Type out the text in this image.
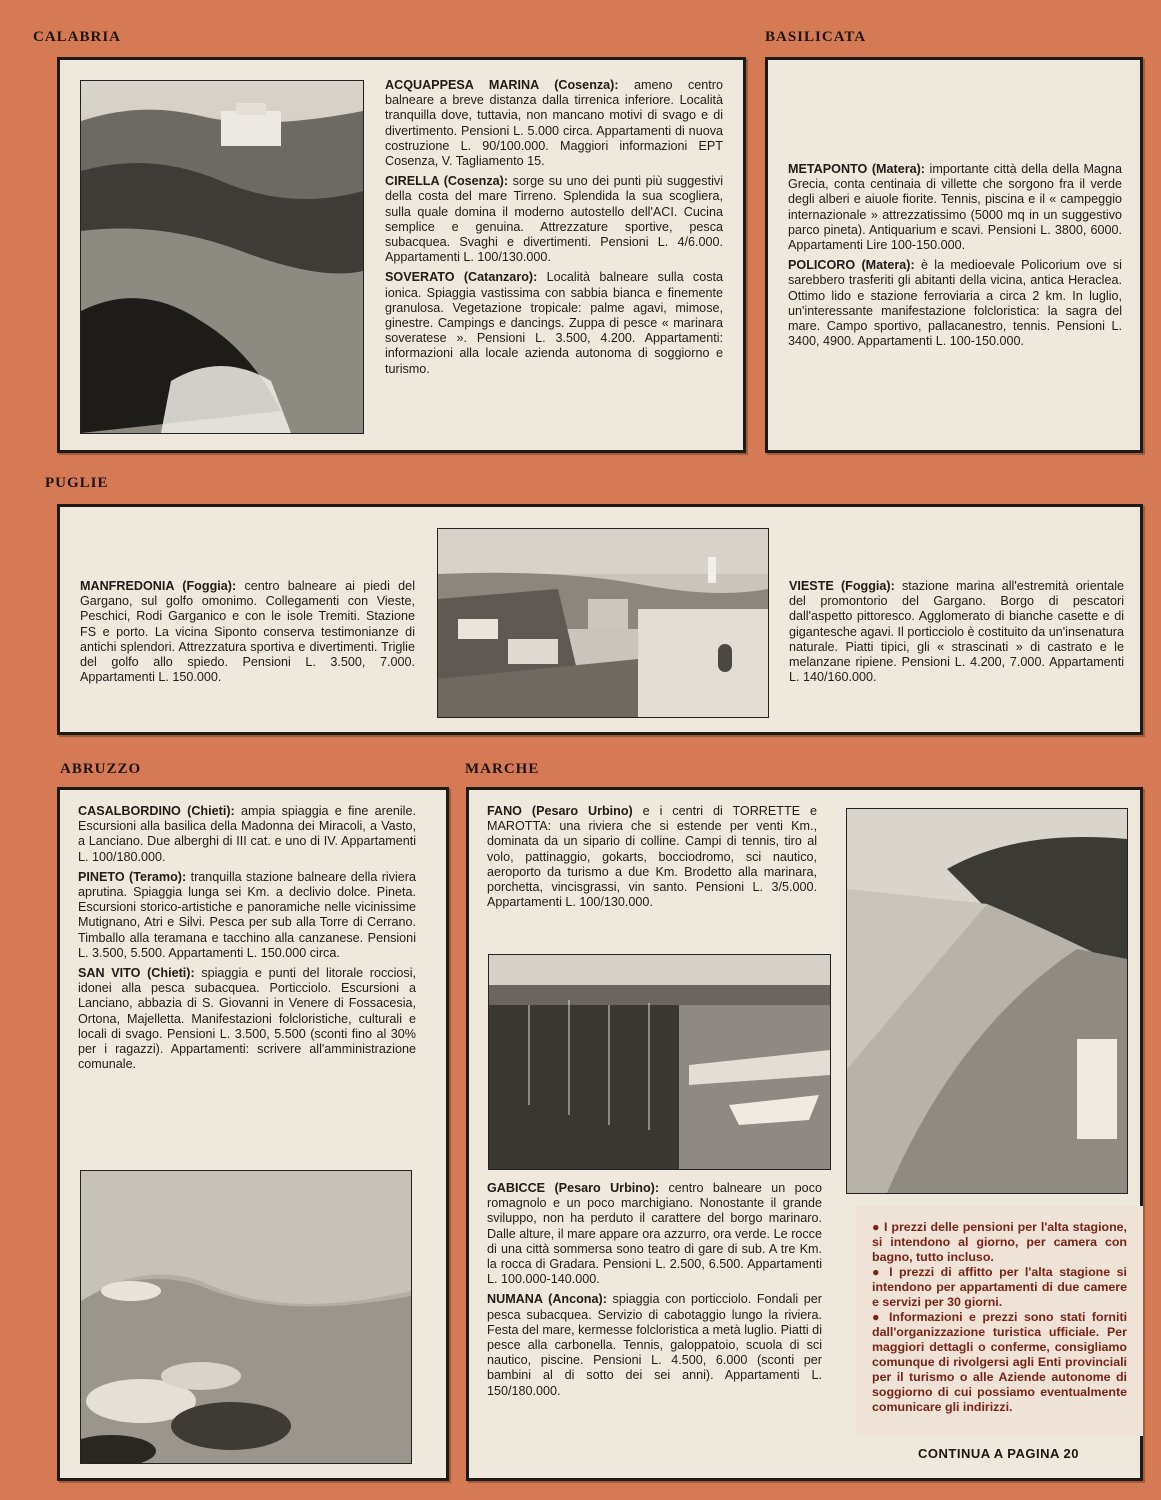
CALABRIA	BASILICATA
PUGLIE
ABRUZZO	MARCHE

ACQUAPPESA MARINA (Cosenza): ameno centro balneare a breve distanza dalla tirrenica inferiore. Località tranquilla dove, tuttavia, non mancano motivi di svago e di divertimento. Pensioni L. 5.000 circa. Appartamenti di nuova costruzione L. 90/100.000. Maggiori informazioni EPT Cosenza, V. Tagliamento 15.

CIRELLA (Cosenza): sorge su uno dei punti più suggestivi della costa del mare Tirreno. Splendida la sua scogliera, sulla quale domina il moderno autostello dell'ACI. Cucina semplice e genuina. Attrezzature sportive, pesca subacquea. Svaghi e divertimenti. Pensioni L. 4/6.000. Appartamenti L. 100/130.000.

SOVERATO (Catanzaro): Località balneare sulla costa ionica. Spiaggia vastissima con sabbia bianca e finemente granulosa. Vegetazione tropicale: palme agavi, mimose, ginestre. Campings e dancings. Zuppa di pesce « marinara soveratese ». Pensioni L. 3.500, 4.200. Appartamenti: informazioni alla locale azienda autonoma di soggiorno e turismo.

METAPONTO (Matera): importante città della della Magna Grecia, conta centinaia di villette che sorgono fra il verde degli alberi e aiuole fiorite. Tennis, piscina e il « campeggio internazionale » attrezzatissimo (5000 mq in un suggestivo parco pineta). Antiquarium e scavi. Pensioni L. 3800, 6000. Appartamenti Lire 100-150.000.

POLICORO (Matera): è la medioevale Policorium ove si sarebbero trasferiti gli abitanti della vicina, antica Heraclea. Ottimo lido e stazione ferroviaria a circa 2 km. In luglio, un'interessante manifestazione folcloristica: la sagra del mare. Campo sportivo, pallacanestro, tennis. Pensioni L. 3400, 4900. Appartamenti L. 100-150.000.

MANFREDONIA (Foggia): centro balneare ai piedi del Gargano, sul golfo omonimo. Collegamenti con Vieste, Peschici, Rodi Garganico e con le isole Tremiti. Stazione FS e porto. La vicina Siponto conserva testimonianze di antichi splendori. Attrezzatura sportiva e divertimenti. Triglie del golfo allo spiedo. Pensioni L. 3.500, 7.000. Appartamenti L. 150.000.

VIESTE (Foggia): stazione marina all'estremità orientale del promontorio del Gargano. Borgo di pescatori dall'aspetto pittoresco. Agglomerato di bianche casette e di gigantesche agavi. Il porticciolo è costituito da un'insenatura naturale. Piatti tipici, gli « strascinati » di castrato e le melanzane ripiene. Pensioni L. 4.200, 7.000. Appartamenti L. 140/160.000.

CASALBORDINO (Chieti): ampia spiaggia e fine arenile. Escursioni alla basilica della Madonna dei Miracoli, a Vasto, a Lanciano. Due alberghi di III cat. e uno di IV. Appartamenti L. 100/180.000.

PINETO (Teramo): tranquilla stazione balneare della riviera aprutina. Spiaggia lunga sei Km. a declivio dolce. Pineta. Escursioni storico-artistiche e panoramiche nelle vicinissime Mutignano, Atri e Silvi. Pesca per sub alla Torre di Cerrano. Timballo alla teramana e tacchino alla canzanese. Pensioni L. 3.500, 5.500. Appartamenti L. 150.000 circa.

SAN VITO (Chieti): spiaggia e punti del litorale rocciosi, idonei alla pesca subacquea. Porticciolo. Escursioni a Lanciano, abbazia di S. Giovanni in Venere di Fossacesia, Ortona, Majelletta. Manifestazioni folcloristiche, culturali e locali di svago. Pensioni L. 3.500, 5.500 (sconti fino al 30% per i ragazzi). Appartamenti: scrivere all'amministrazione comunale.

FANO (Pesaro Urbino) e i centri di TORRETTE e MAROTTA: una riviera che si estende per venti Km., dominata da un sipario di colline. Campi di tennis, tiro al volo, pattinaggio, gokarts, bocciodromo, sci nautico, aeroporto da turismo a due Km. Brodetto alla marinara, porchetta, vincisgrassi, vin santo. Pensioni L. 3/5.000. Appartamenti L. 100/130.000.

GABICCE (Pesaro Urbino): centro balneare un poco romagnolo e un poco marchigiano. Nonostante il grande sviluppo, non ha perduto il carattere del borgo marinaro. Dalle alture, il mare appare ora azzurro, ora verde. Le rocce di una città sommersa sono teatro di gare di sub. A tre Km. la rocca di Gradara. Pensioni L. 2.500, 6.500. Appartamenti L. 100.000-140.000.

NUMANA (Ancona): spiaggia con porticciolo. Fondali per pesca subacquea. Servizio di cabotaggio lungo la riviera. Festa del mare, kermesse folcloristica a metà luglio. Piatti di pesce alla carbonella. Tennis, galoppatoio, scuola di sci nautico, piscine. Pensioni L. 4.500, 6.000 (sconti per bambini al di sotto dei sei anni). Appartamenti L. 150/180.000.

● I prezzi delle pensioni per l'alta stagione, si intendono al giorno, per camera con bagno, tutto incluso.

● I prezzi di affitto per l'alta stagione si intendono per appartamenti di due camere e servizi per 30 giorni.

● Informazioni e prezzi sono stati forniti dall'organizzazione turistica ufficiale. Per maggiori dettagli o conferme, consigliamo comunque di rivolgersi agli Enti provinciali per il turismo o alle Aziende autonome di soggiorno di cui possiamo eventualmente comunicare gli indirizzi.

CONTINUA A PAGINA 20
